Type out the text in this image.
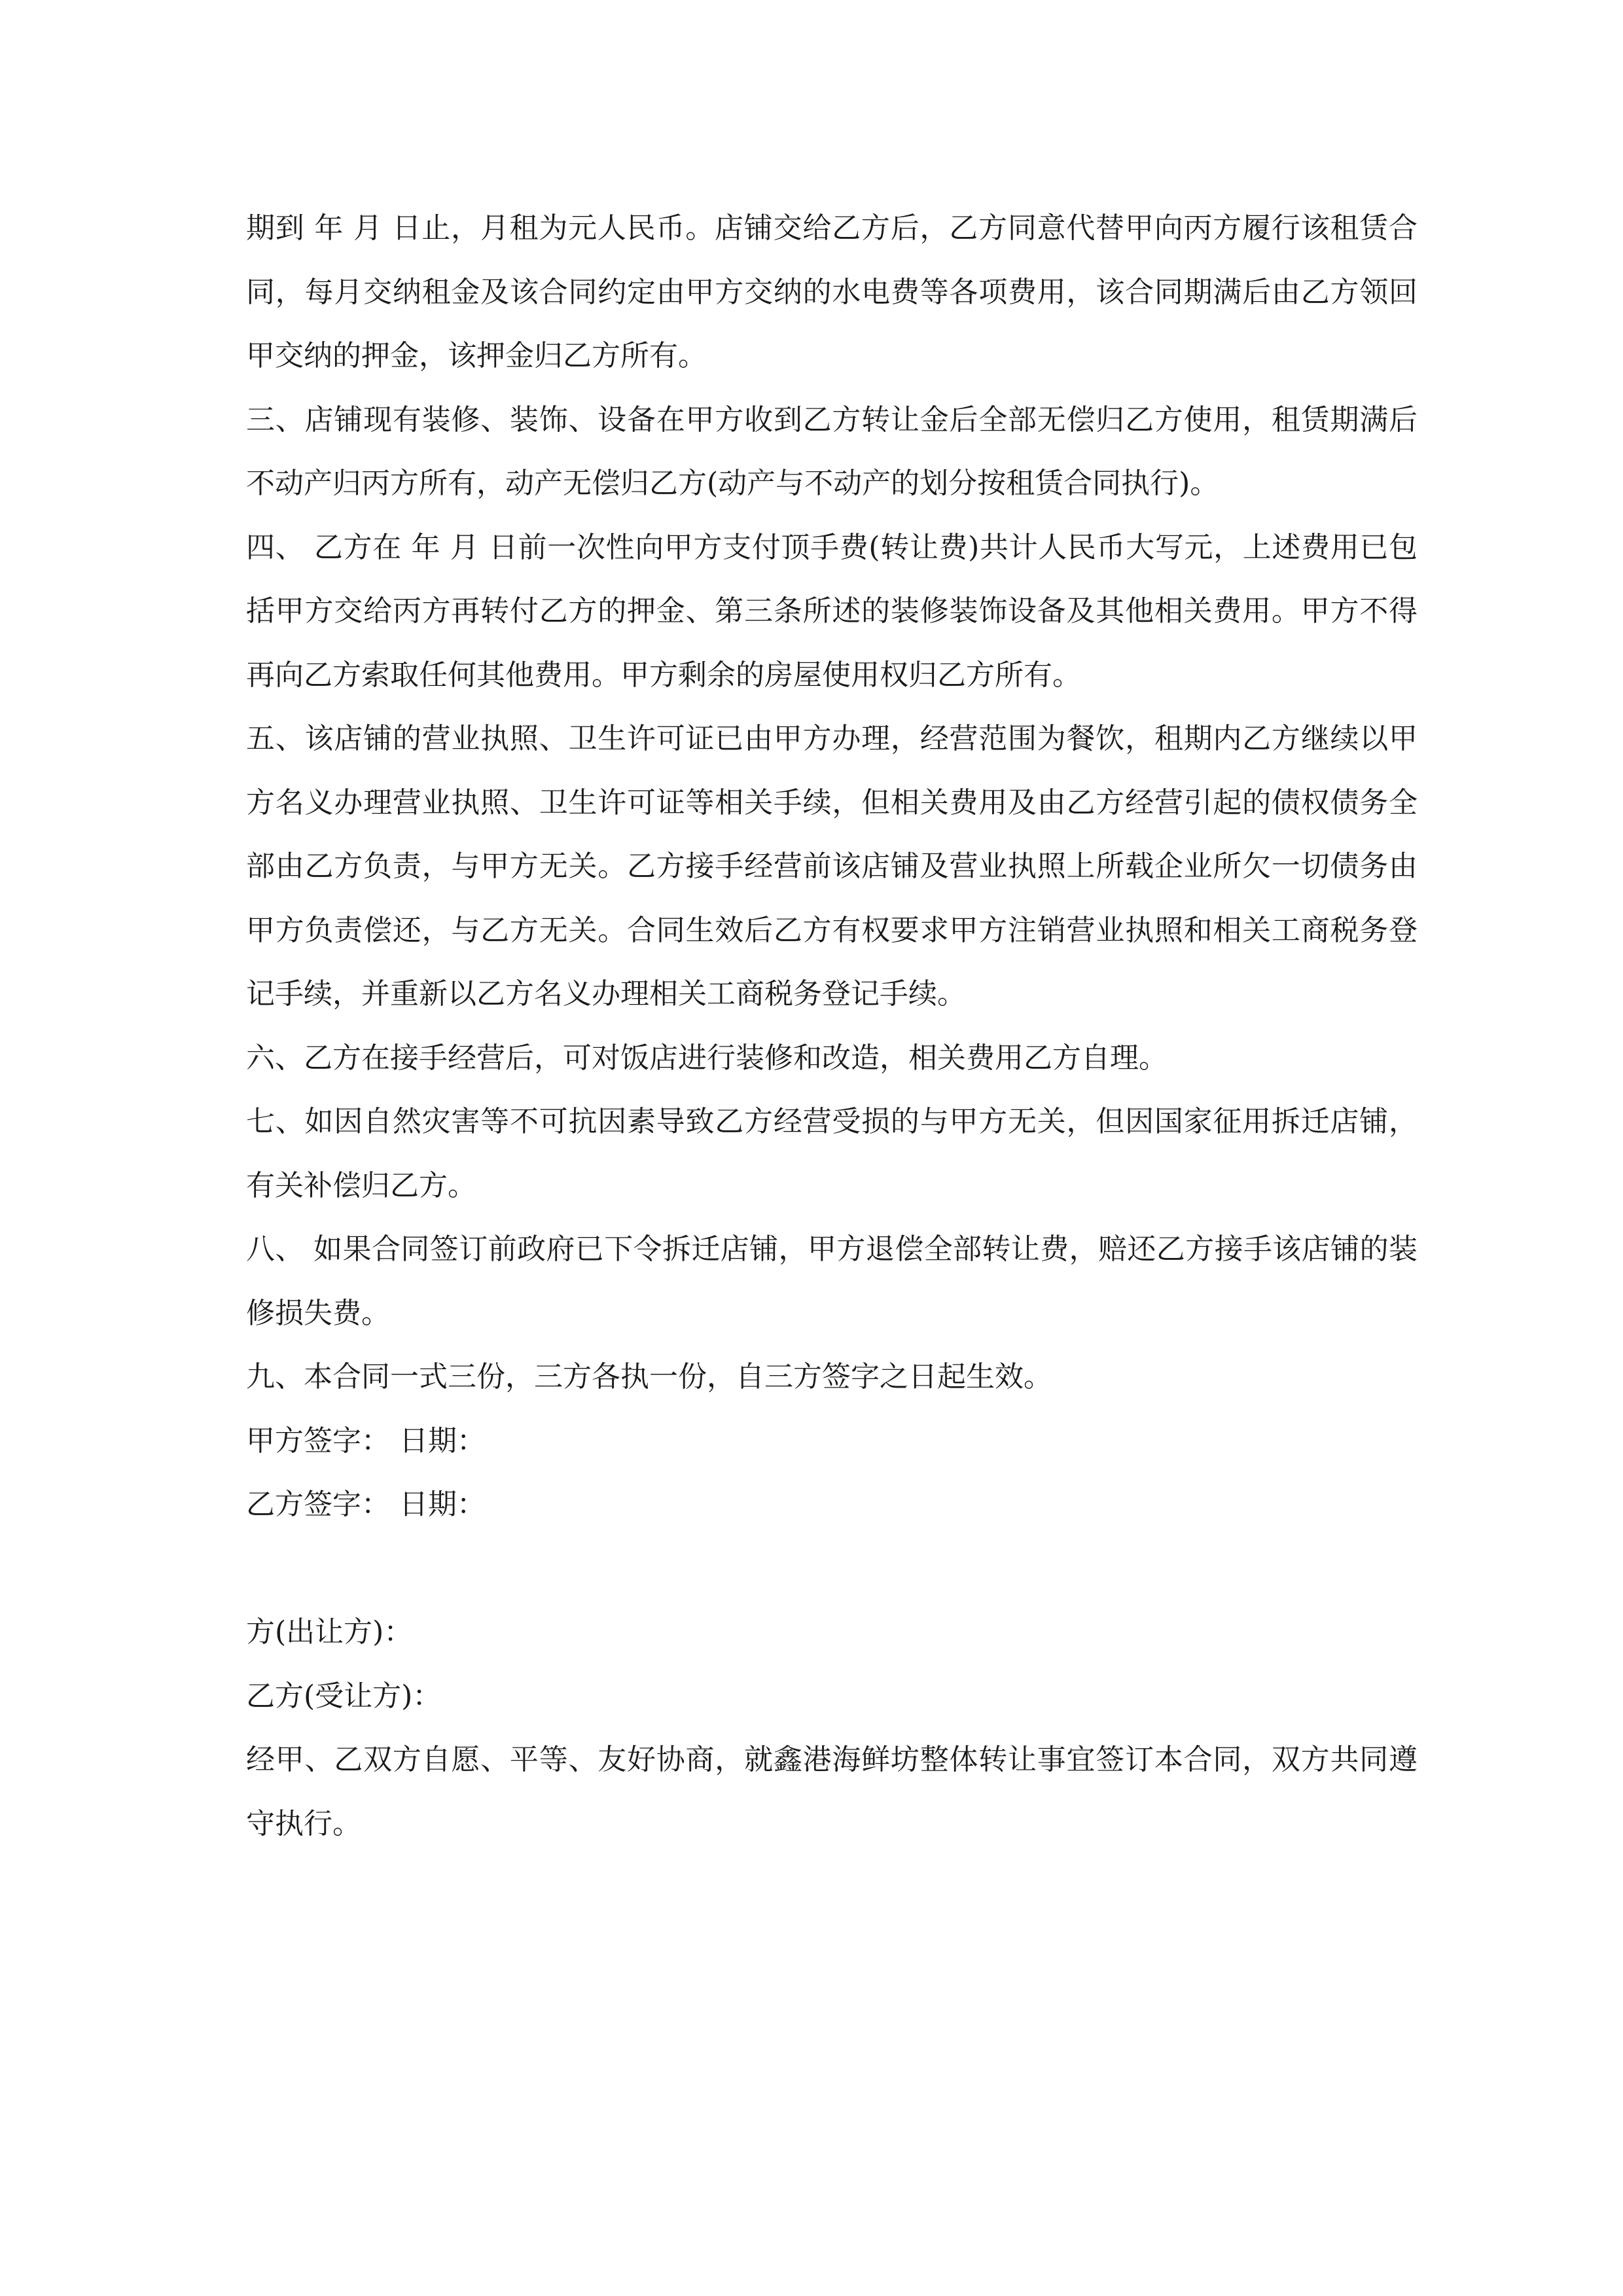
期到 年 月 日止，月租为元人民币。店铺交给乙方后，乙方同意代替甲向丙方履行该租赁合同，每月交纳租金及该合同约定由甲方交纳的水电费等各项费用，该合同期满后由乙方领回甲交纳的押金，该押金归乙方所有。

三、店铺现有装修、装饰、设备在甲方收到乙方转让金后全部无偿归乙方使用，租赁期满后不动产归丙方所有，动产无偿归乙方(动产与不动产的划分按租赁合同执行)。

四、 乙方在 年 月 日前一次性向甲方支付顶手费(转让费)共计人民币大写元，上述费用已包括甲方交给丙方再转付乙方的押金、第三条所述的装修装饰设备及其他相关费用。甲方不得再向乙方索取任何其他费用。甲方剩余的房屋使用权归乙方所有。

五、该店铺的营业执照、卫生许可证已由甲方办理，经营范围为餐饮，租期内乙方继续以甲方名义办理营业执照、卫生许可证等相关手续，但相关费用及由乙方经营引起的债权债务全部由乙方负责，与甲方无关。乙方接手经营前该店铺及营业执照上所载企业所欠一切债务由甲方负责偿还，与乙方无关。合同生效后乙方有权要求甲方注销营业执照和相关工商税务登记手续，并重新以乙方名义办理相关工商税务登记手续。

六、乙方在接手经营后，可对饭店进行装修和改造，相关费用乙方自理。

七、如因自然灾害等不可抗因素导致乙方经营受损的与甲方无关，但因国家征用拆迁店铺，有关补偿归乙方。

八、 如果合同签订前政府已下令拆迁店铺，甲方退偿全部转让费，赔还乙方接手该店铺的装修损失费。

九、本合同一式三份，三方各执一份，自三方签字之日起生效。

甲方签字： 日期：

乙方签字： 日期：

方(出让方)：

乙方(受让方)：

经甲、乙双方自愿、平等、友好协商，就鑫港海鲜坊整体转让事宜签订本合同，双方共同遵守执行。
